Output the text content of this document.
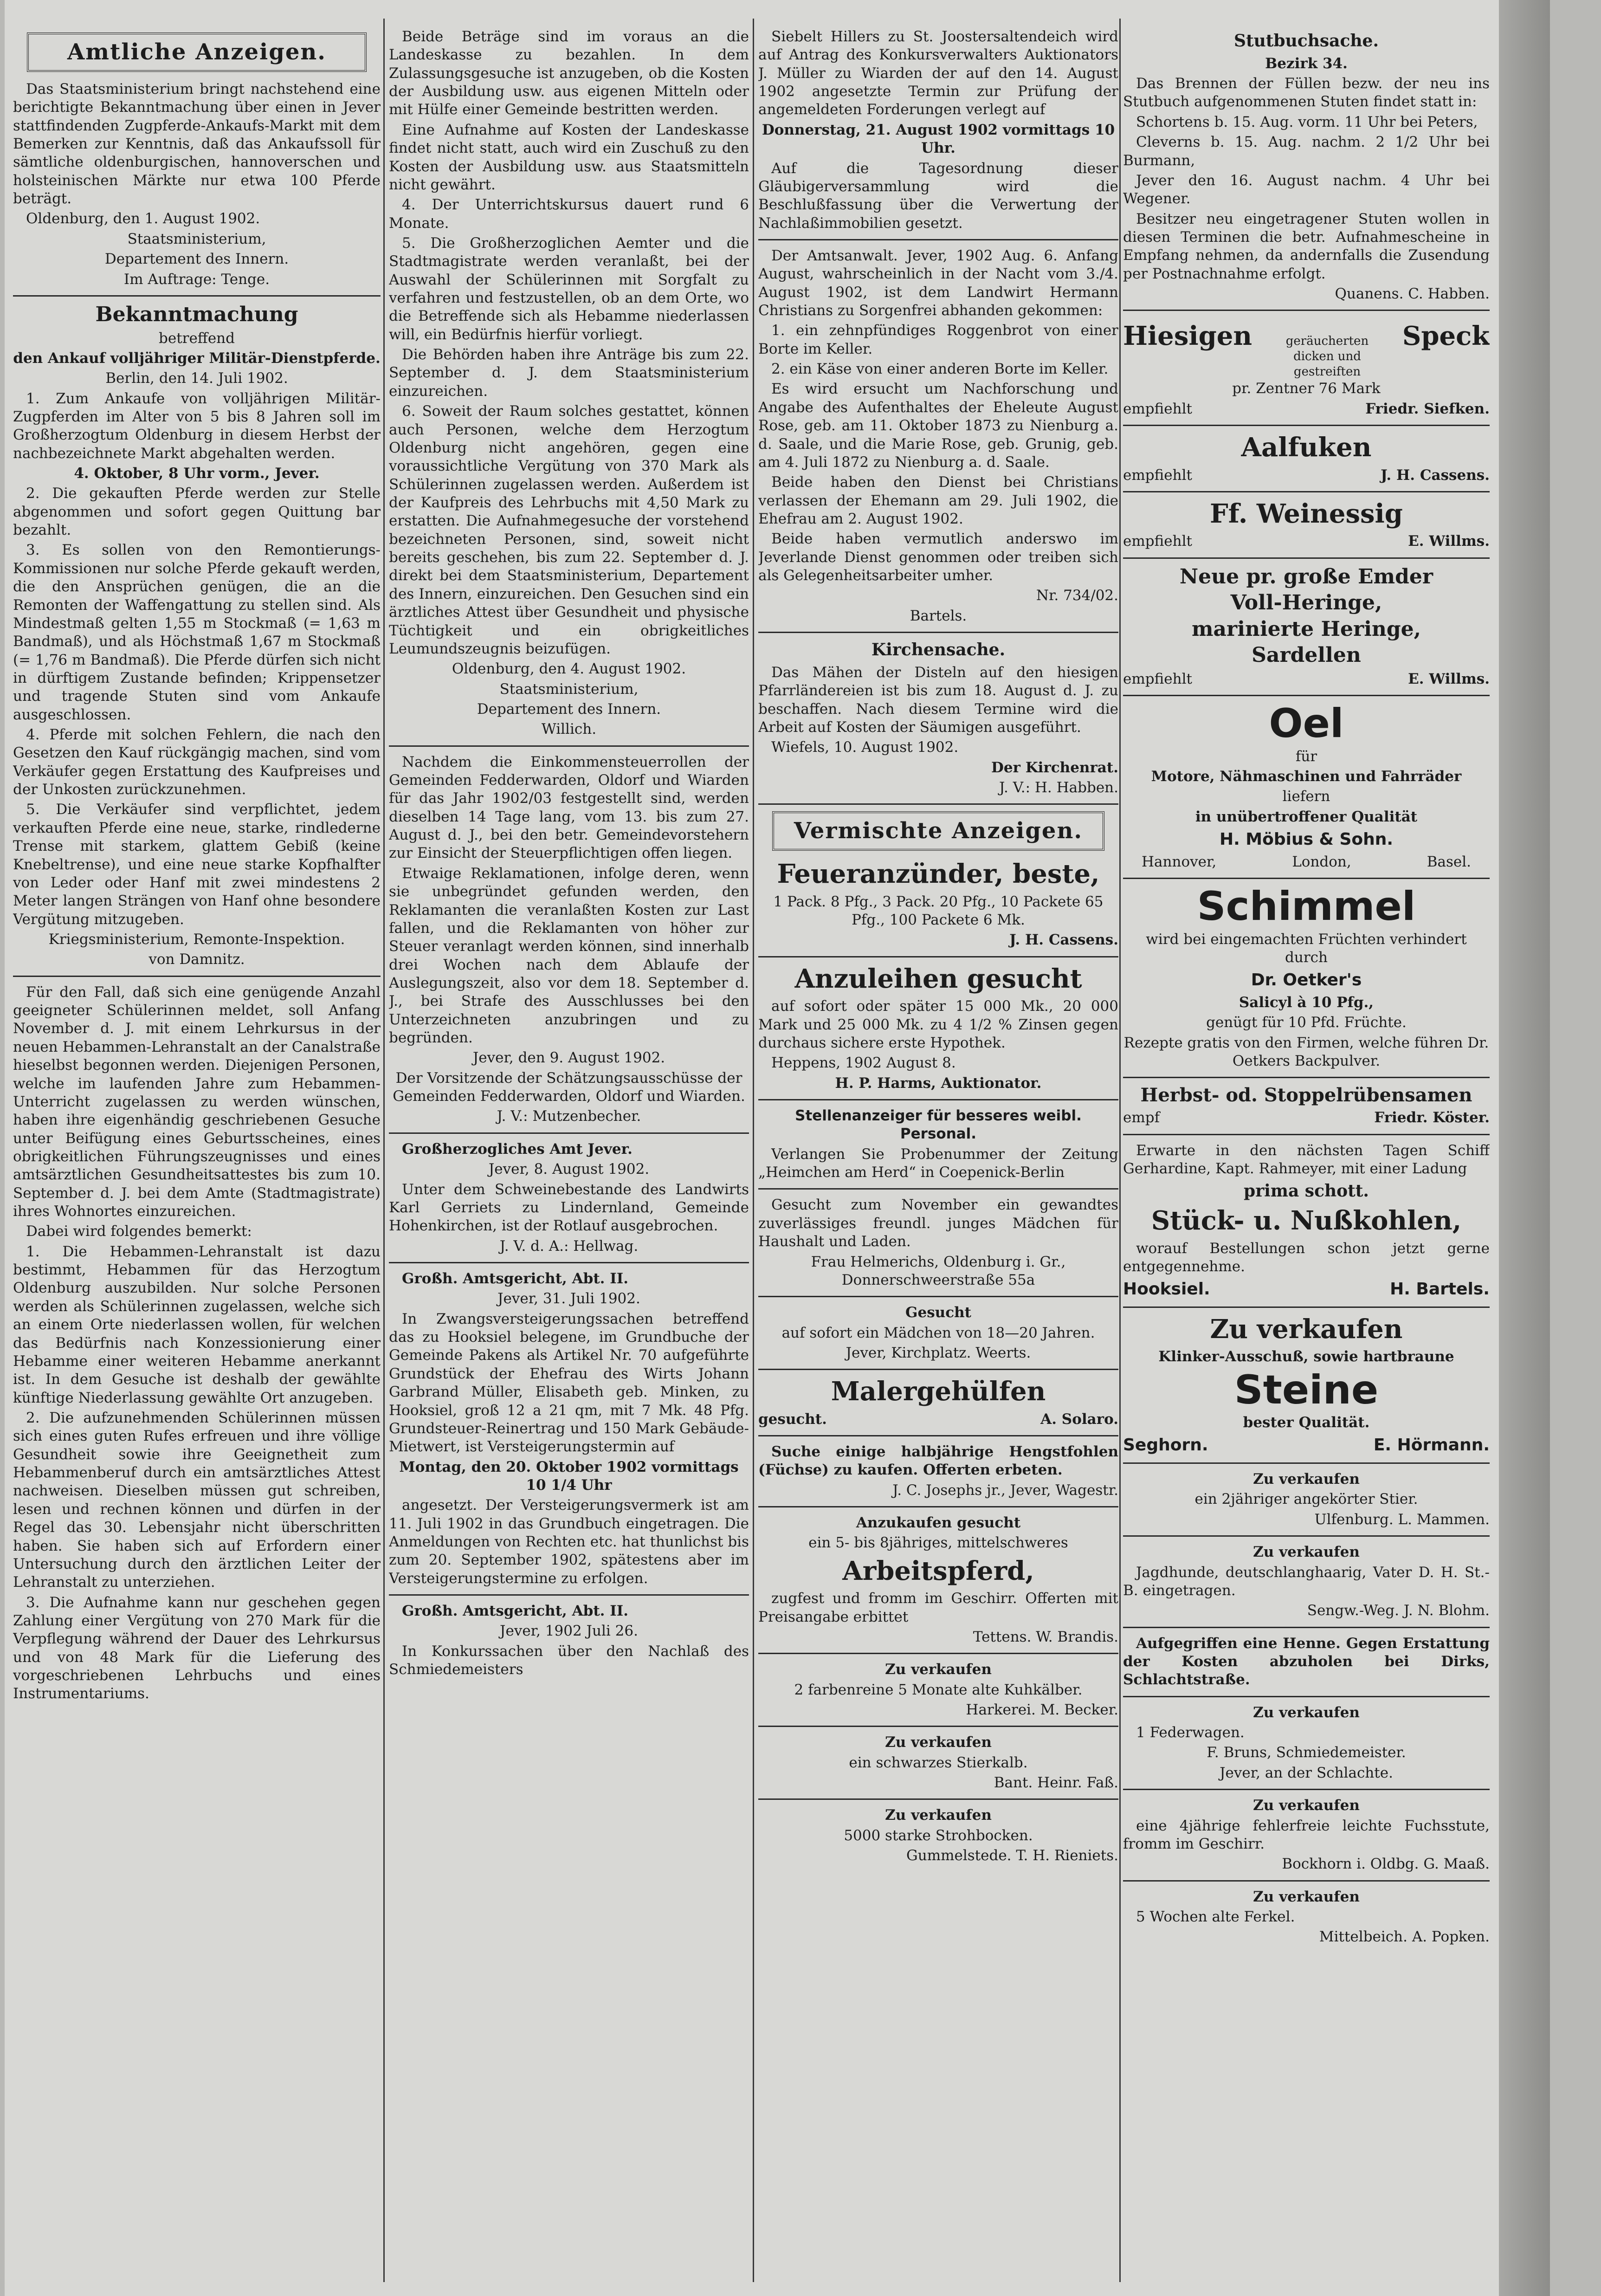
Amtliche Anzeigen.

Das Staatsministerium bringt nachstehend eine berichtigte Bekanntmachung über einen in Jever stattfindenden Zugpferde-Ankaufs-Markt mit dem Bemerken zur Kenntnis, daß das Ankaufssoll für sämtliche oldenburgischen, hannoverschen und holsteinischen Märkte nur etwa 100 Pferde beträgt.

Oldenburg, den 1. August 1902.

Staatsministerium,

Departement des Innern.

Im Auftrage: Tenge.

Bekanntmachung

betreffend

den Ankauf volljähriger Militär-Dienstpferde.

Berlin, den 14. Juli 1902.

1. Zum Ankaufe von volljährigen Militär-Zugpferden im Alter von 5 bis 8 Jahren soll im Großherzogtum Oldenburg in diesem Herbst der nachbezeichnete Markt abgehalten werden.

4. Oktober, 8 Uhr vorm., Jever.

2. Die gekauften Pferde werden zur Stelle abgenommen und sofort gegen Quittung bar bezahlt.

3. Es sollen von den Remontierungs-Kommissionen nur solche Pferde gekauft werden, die den Ansprüchen genügen, die an die Remonten der Waffengattung zu stellen sind. Als Mindestmaß gelten 1,55 m Stockmaß (= 1,63 m Bandmaß), und als Höchstmaß 1,67 m Stockmaß (= 1,76 m Bandmaß). Die Pferde dürfen sich nicht in dürftigem Zustande befinden; Krippensetzer und tragende Stuten sind vom Ankaufe ausgeschlossen.

4. Pferde mit solchen Fehlern, die nach den Gesetzen den Kauf rückgängig machen, sind vom Verkäufer gegen Erstattung des Kaufpreises und der Unkosten zurückzunehmen.

5. Die Verkäufer sind verpflichtet, jedem verkauften Pferde eine neue, starke, rindlederne Trense mit starkem, glattem Gebiß (keine Knebeltrense), und eine neue starke Kopfhalfter von Leder oder Hanf mit zwei mindestens 2 Meter langen Strängen von Hanf ohne besondere Vergütung mitzugeben.

Kriegsministerium, Remonte-Inspektion.

von Damnitz.

Für den Fall, daß sich eine genügende Anzahl geeigneter Schülerinnen meldet, soll Anfang November d. J. mit einem Lehrkursus in der neuen Hebammen-Lehranstalt an der Canalstraße hieselbst begonnen werden. Diejenigen Personen, welche im laufenden Jahre zum Hebammen-Unterricht zugelassen zu werden wünschen, haben ihre eigenhändig geschriebenen Gesuche unter Beifügung eines Geburtsscheines, eines obrigkeitlichen Führungszeugnisses und eines amtsärztlichen Gesundheitsattestes bis zum 10. September d. J. bei dem Amte (Stadtmagistrate) ihres Wohnortes einzureichen.

Dabei wird folgendes bemerkt:

1. Die Hebammen-Lehranstalt ist dazu bestimmt, Hebammen für das Herzogtum Oldenburg auszubilden. Nur solche Personen werden als Schülerinnen zugelassen, welche sich an einem Orte niederlassen wollen, für welchen das Bedürfnis nach Konzessionierung einer Hebamme einer weiteren Hebamme anerkannt ist. In dem Gesuche ist deshalb der gewählte künftige Niederlassung gewählte Ort anzugeben.

2. Die aufzunehmenden Schülerinnen müssen sich eines guten Rufes erfreuen und ihre völlige Gesundheit sowie ihre Geeignetheit zum Hebammenberuf durch ein amtsärztliches Attest nachweisen. Dieselben müssen gut schreiben, lesen und rechnen können und dürfen in der Regel das 30. Lebensjahr nicht überschritten haben. Sie haben sich auf Erfordern einer Untersuchung durch den ärztlichen Leiter der Lehranstalt zu unterziehen.

3. Die Aufnahme kann nur geschehen gegen Zahlung einer Vergütung von 270 Mark für die Verpflegung während der Dauer des Lehrkursus und von 48 Mark für die Lieferung des vorgeschriebenen Lehrbuchs und eines Instrumentariums.

Beide Beträge sind im voraus an die Landeskasse zu bezahlen. In dem Zulassungsgesuche ist anzugeben, ob die Kosten der Ausbildung usw. aus eigenen Mitteln oder mit Hülfe einer Gemeinde bestritten werden.

Eine Aufnahme auf Kosten der Landeskasse findet nicht statt, auch wird ein Zuschuß zu den Kosten der Ausbildung usw. aus Staatsmitteln nicht gewährt.

4. Der Unterrichtskursus dauert rund 6 Monate.

5. Die Großherzoglichen Aemter und die Stadtmagistrate werden veranlaßt, bei der Auswahl der Schülerinnen mit Sorgfalt zu verfahren und festzustellen, ob an dem Orte, wo die Betreffende sich als Hebamme niederlassen will, ein Bedürfnis hierfür vorliegt.

Die Behörden haben ihre Anträge bis zum 22. September d. J. dem Staatsministerium einzureichen.

6. Soweit der Raum solches gestattet, können auch Personen, welche dem Herzogtum Oldenburg nicht angehören, gegen eine voraussichtliche Vergütung von 370 Mark als Schülerinnen zugelassen werden. Außerdem ist der Kaufpreis des Lehrbuchs mit 4,50 Mark zu erstatten. Die Aufnahmegesuche der vorstehend bezeichneten Personen, sind, soweit nicht bereits geschehen, bis zum 22. September d. J. direkt bei dem Staatsministerium, Departement des Innern, einzureichen. Den Gesuchen sind ein ärztliches Attest über Gesundheit und physische Tüchtigkeit und ein obrigkeitliches Leumundszeugnis beizufügen.

Oldenburg, den 4. August 1902.

Staatsministerium,

Departement des Innern.

Willich.

Nachdem die Einkommensteuerrollen der Gemeinden Fedderwarden, Oldorf und Wiarden für das Jahr 1902/03 festgestellt sind, werden dieselben 14 Tage lang, vom 13. bis zum 27. August d. J., bei den betr. Gemeindevorstehern zur Einsicht der Steuerpflichtigen offen liegen.

Etwaige Reklamationen, infolge deren, wenn sie unbegründet gefunden werden, den Reklamanten die veranlaßten Kosten zur Last fallen, und die Reklamanten von höher zur Steuer veranlagt werden können, sind innerhalb drei Wochen nach dem Ablaufe der Auslegungszeit, also vor dem 18. September d. J., bei Strafe des Ausschlusses bei den Unterzeichneten anzubringen und zu begründen.

Jever, den 9. August 1902.

Der Vorsitzende der Schätzungsausschüsse der Gemeinden Fedderwarden, Oldorf und Wiarden.

J. V.: Mutzenbecher.

Großherzogliches Amt Jever.

Jever, 8. August 1902.

Unter dem Schweinebestande des Landwirts Karl Gerriets zu Lindernland, Gemeinde Hohenkirchen, ist der Rotlauf ausgebrochen.

J. V. d. A.: Hellwag.

Großh. Amtsgericht, Abt. II.

Jever, 31. Juli 1902.

In Zwangsversteigerungssachen betreffend das zu Hooksiel belegene, im Grundbuche der Gemeinde Pakens als Artikel Nr. 70 aufgeführte Grundstück der Ehefrau des Wirts Johann Garbrand Müller, Elisabeth geb. Minken, zu Hooksiel, groß 12 a 21 qm, mit 7 Mk. 48 Pfg. Grundsteuer-Reinertrag und 150 Mark Gebäude-Mietwert, ist Versteigerungstermin auf

Montag, den 20. Oktober 1902 vormittags 10 1/4 Uhr

angesetzt. Der Versteigerungsvermerk ist am 11. Juli 1902 in das Grundbuch eingetragen. Die Anmeldungen von Rechten etc. hat thunlichst bis zum 20. September 1902, spätestens aber im Versteigerungstermine zu erfolgen.

Großh. Amtsgericht, Abt. II.

Jever, 1902 Juli 26.

In Konkurssachen über den Nachlaß des Schmiedemeisters

Siebelt Hillers zu St. Joostersaltendeich wird auf Antrag des Konkursverwalters Auktionators J. Müller zu Wiarden der auf den 14. August 1902 angesetzte Termin zur Prüfung der angemeldeten Forderungen verlegt auf

Donnerstag, 21. August 1902 vormittags 10 Uhr.

Auf die Tagesordnung dieser Gläubigerversammlung wird die Beschlußfassung über die Verwertung der Nachlaßimmobilien gesetzt.

Der Amtsanwalt. Jever, 1902 Aug. 6. Anfang August, wahrscheinlich in der Nacht vom 3./4. August 1902, ist dem Landwirt Hermann Christians zu Sorgenfrei abhanden gekommen:

1. ein zehnpfündiges Roggenbrot von einer Borte im Keller.

2. ein Käse von einer anderen Borte im Keller.

Es wird ersucht um Nachforschung und Angabe des Aufenthaltes der Eheleute August Rose, geb. am 11. Oktober 1873 zu Nienburg a. d. Saale, und die Marie Rose, geb. Grunig, geb. am 4. Juli 1872 zu Nienburg a. d. Saale.

Beide haben den Dienst bei Christians verlassen der Ehemann am 29. Juli 1902, die Ehefrau am 2. August 1902.

Beide haben vermutlich anderswo im Jeverlande Dienst genommen oder treiben sich als Gelegenheitsarbeiter umher.

Nr. 734/02.

Bartels.

Kirchensache.

Das Mähen der Disteln auf den hiesigen Pfarrländereien ist bis zum 18. August d. J. zu beschaffen. Nach diesem Termine wird die Arbeit auf Kosten der Säumigen ausgeführt.

Wiefels, 10. August 1902.

Der Kirchenrat.

J. V.: H. Habben.

Vermischte Anzeigen.
Feueranzünder, beste,

1 Pack. 8 Pfg., 3 Pack. 20 Pfg., 10 Packete 65 Pfg., 100 Packete 6 Mk.

J. H. Cassens.

Anzuleihen gesucht

auf sofort oder später 15 000 Mk., 20 000 Mark und 25 000 Mk. zu 4 1/2 % Zinsen gegen durchaus sichere erste Hypothek.

Heppens, 1902 August 8.

H. P. Harms, Auktionator.

Stellenanzeiger für besseres weibl. Personal.

Verlangen Sie Probenummer der Zeitung „Heimchen am Herd“ in Coepenick-Berlin

Gesucht zum November ein gewandtes zuverlässiges freundl. junges Mädchen für Haushalt und Laden.

Frau Helmerichs, Oldenburg i. Gr., Donnerschweerstraße 55a

Gesucht

auf sofort ein Mädchen von 18—20 Jahren.

Jever, Kirchplatz. Weerts.

Malergehülfen
gesucht.	A. Solaro.

Suche einige halbjährige Hengstfohlen (Füchse) zu kaufen. Offerten erbeten.

J. C. Josephs jr., Jever, Wagestr.

Anzukaufen gesucht

ein 5- bis 8jähriges, mittelschweres

Arbeitspferd,

zugfest und fromm im Geschirr. Offerten mit Preisangabe erbittet

Tettens. W. Brandis.

Zu verkaufen

2 farbenreine 5 Monate alte Kuhkälber.

Harkerei. M. Becker.

Zu verkaufen

ein schwarzes Stierkalb.

Bant. Heinr. Faß.

Zu verkaufen

5000 starke Strohbocken.

Gummelstede. T. H. Rieniets.

Stutbuchsache.

Bezirk 34.

Das Brennen der Füllen bezw. der neu ins Stutbuch aufgenommenen Stuten findet statt in:

Schortens b. 15. Aug. vorm. 11 Uhr bei Peters,

Cleverns b. 15. Aug. nachm. 2 1/2 Uhr bei Burmann,

Jever den 16. August nachm. 4 Uhr bei Wegener.

Besitzer neu eingetragener Stuten wollen in diesen Terminen die betr. Aufnahmescheine in Empfang nehmen, da andernfalls die Zusendung per Postnachnahme erfolgt.

Quanens. C. Habben.

Hiesigen	geräucherten dicken und gestreiften
Speck

pr. Zentner 76 Mark

empfiehlt	Friedr. Siefken.
Aalfuken
empfiehlt	J. H. Cassens.
Ff. Weinessig
empfiehlt	E. Willms.
Neue pr. große Emder
Voll-Heringe,
marinierte Heringe,
Sardellen
empfiehlt	E. Willms.
Oel

für

Motore, Nähmaschinen und Fahrräder

liefern

in unübertroffener Qualität

H. Möbius & Sohn.
Hannover,	London,	Basel.
Schimmel

wird bei eingemachten Früchten verhindert durch

Dr. Oetker's

Salicyl à 10 Pfg.,

genügt für 10 Pfd. Früchte.

Rezepte gratis von den Firmen, welche führen Dr. Oetkers Backpulver.

Herbst- od. Stoppelrübensamen
empf	Friedr. Köster.

Erwarte in den nächsten Tagen Schiff Gerhardine, Kapt. Rahmeyer, mit einer Ladung

prima schott.
Stück- u. Nußkohlen,

worauf Bestellungen schon jetzt gerne entgegennehme.

Hooksiel.	H. Bartels.
Zu verkaufen

Klinker-Ausschuß, sowie hartbraune

Steine

bester Qualität.

Seghorn.	E. Hörmann.

Zu verkaufen

ein 2jähriger angekörter Stier.

Ulfenburg. L. Mammen.

Zu verkaufen

Jagdhunde, deutschlanghaarig, Vater D. H. St.-B. eingetragen.

Sengw.-Weg. J. N. Blohm.

Aufgegriffen eine Henne. Gegen Erstattung der Kosten abzuholen bei Dirks, Schlachtstraße.

Zu verkaufen

1 Federwagen.

F. Bruns, Schmiedemeister.

Jever, an der Schlachte.

Zu verkaufen

eine 4jährige fehlerfreie leichte Fuchsstute, fromm im Geschirr.

Bockhorn i. Oldbg. G. Maaß.

Zu verkaufen

5 Wochen alte Ferkel.

Mittelbeich. A. Popken.
